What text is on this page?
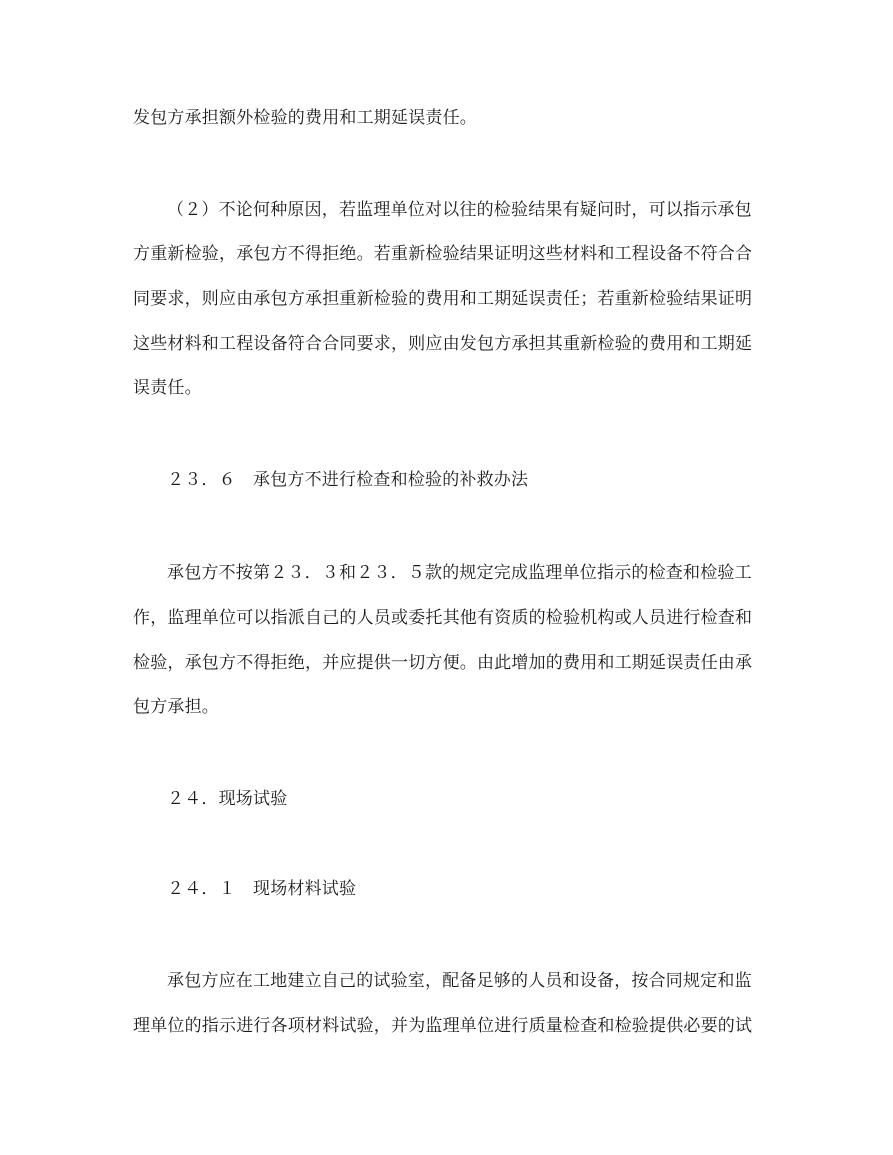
发包方承担额外检验的费用和工期延误责任。
（２）不论何种原因，若监理单位对以往的检验结果有疑问时，可以指示承包
方重新检验，承包方不得拒绝。若重新检验结果证明这些材料和工程设备不符合合
同要求，则应由承包方承担重新检验的费用和工期延误责任；若重新检验结果证明
这些材料和工程设备符合合同要求，则应由发包方承担其重新检验的费用和工期延
误责任。
２３．６　承包方不进行检查和检验的补救办法
承包方不按第２３．３和２３．５款的规定完成监理单位指示的检查和检验工
作，监理单位可以指派自己的人员或委托其他有资质的检验机构或人员进行检查和
检验，承包方不得拒绝，并应提供一切方便。由此增加的费用和工期延误责任由承
包方承担。
２４．现场试验
２４．１　现场材料试验
承包方应在工地建立自己的试验室，配备足够的人员和设备，按合同规定和监
理单位的指示进行各项材料试验，并为监理单位进行质量检查和检验提供必要的试
